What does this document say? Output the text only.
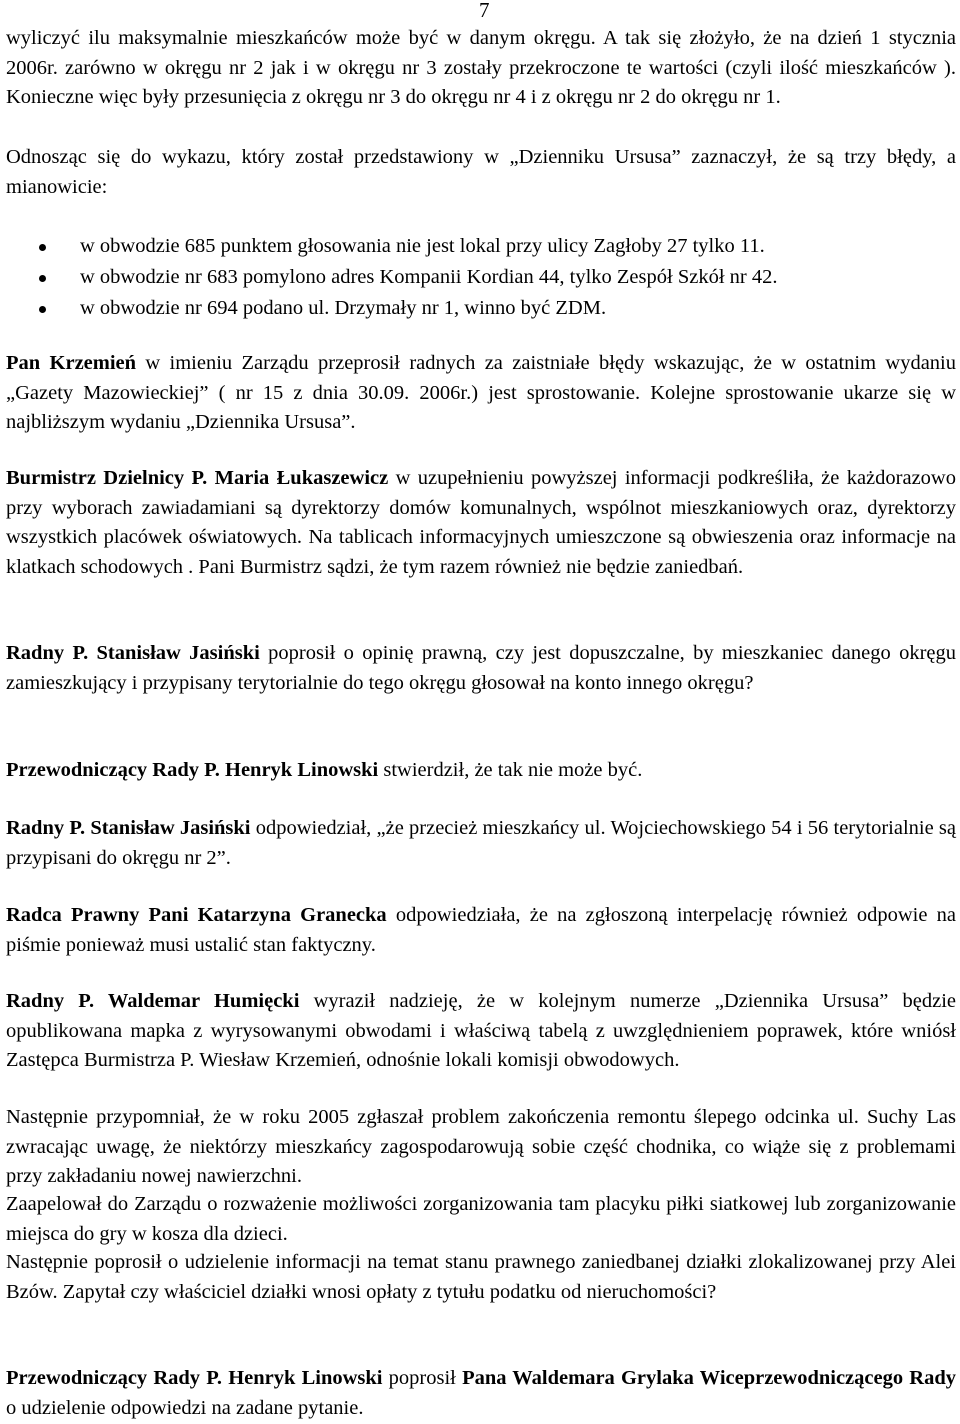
7

wyliczyć ilu maksymalnie mieszkańców może być w danym okręgu. A tak się złożyło, że na dzień 1 stycznia 2006r. zarówno w okręgu nr 2 jak i w okręgu nr 3 zostały przekroczone te wartości (czyli ilość mieszkańców ). Konieczne więc były przesunięcia z okręgu nr 3 do okręgu nr 4 i z okręgu nr 2 do okręgu nr 1.

Odnosząc się do wykazu, który został przedstawiony w „Dzienniku Ursusa” zaznaczył, że są trzy błędy, a mianowicie:

w obwodzie 685 punktem głosowania nie jest lokal przy ulicy Zagłoby 27 tylko 11.
w obwodzie nr 683 pomylono adres Kompanii Kordian 44, tylko Zespół Szkół nr 42.
w obwodzie nr 694 podano ul. Drzymały nr 1, winno być ZDM.

Pan Krzemień w imieniu Zarządu przeprosił radnych za zaistniałe błędy wskazując, że w ostatnim wydaniu „Gazety Mazowieckiej” ( nr 15 z dnia 30.09. 2006r.) jest sprostowanie. Kolejne sprostowanie ukarze się w najbliższym wydaniu „Dziennika Ursusa”.

Burmistrz Dzielnicy P. Maria Łukaszewicz w uzupełnieniu powyższej informacji podkreśliła, że każdorazowo przy wyborach zawiadamiani są dyrektorzy domów komunalnych, wspólnot mieszkaniowych oraz, dyrektorzy wszystkich placówek oświatowych. Na tablicach informacyjnych umieszczone są obwieszenia oraz informacje na klatkach schodowych . Pani Burmistrz sądzi, że tym razem również nie będzie zaniedbań.

Radny P. Stanisław Jasiński poprosił o opinię prawną, czy jest dopuszczalne, by mieszkaniec danego okręgu zamieszkujący i przypisany terytorialnie do tego okręgu głosował na konto innego okręgu?

Przewodniczący Rady P. Henryk Linowski stwierdził, że tak nie może być.

Radny P. Stanisław Jasiński odpowiedział, „że przecież mieszkańcy ul. Wojciechowskiego 54 i 56 terytorialnie są przypisani do okręgu nr 2”.

Radca Prawny Pani Katarzyna Granecka odpowiedziała, że na zgłoszoną interpelację również odpowie na piśmie ponieważ musi ustalić stan faktyczny.

Radny P. Waldemar Humięcki wyraził nadzieję, że w kolejnym numerze „Dziennika Ursusa” będzie opublikowana mapka z wyrysowanymi obwodami i właściwą tabelą z uwzględnieniem poprawek, które wniósł Zastępca Burmistrza P. Wiesław Krzemień, odnośnie lokali komisji obwodowych.

Następnie przypomniał, że w roku 2005 zgłaszał problem zakończenia remontu ślepego odcinka ul. Suchy Las zwracając uwagę, że niektórzy mieszkańcy zagospodarowują sobie część chodnika, co wiąże się z problemami przy zakładaniu nowej nawierzchni.

Zaapelował do Zarządu o rozważenie możliwości zorganizowania tam placyku piłki siatkowej lub zorganizowanie miejsca do gry w kosza dla dzieci.

Następnie poprosił o udzielenie informacji na temat stanu prawnego zaniedbanej działki zlokalizowanej przy Alei Bzów. Zapytał czy właściciel działki wnosi opłaty z tytułu podatku od nieruchomości?

Przewodniczący Rady P. Henryk Linowski poprosił Pana Waldemara Grylaka Wiceprzewodniczącego Rady o udzielenie odpowiedzi na zadane pytanie.
